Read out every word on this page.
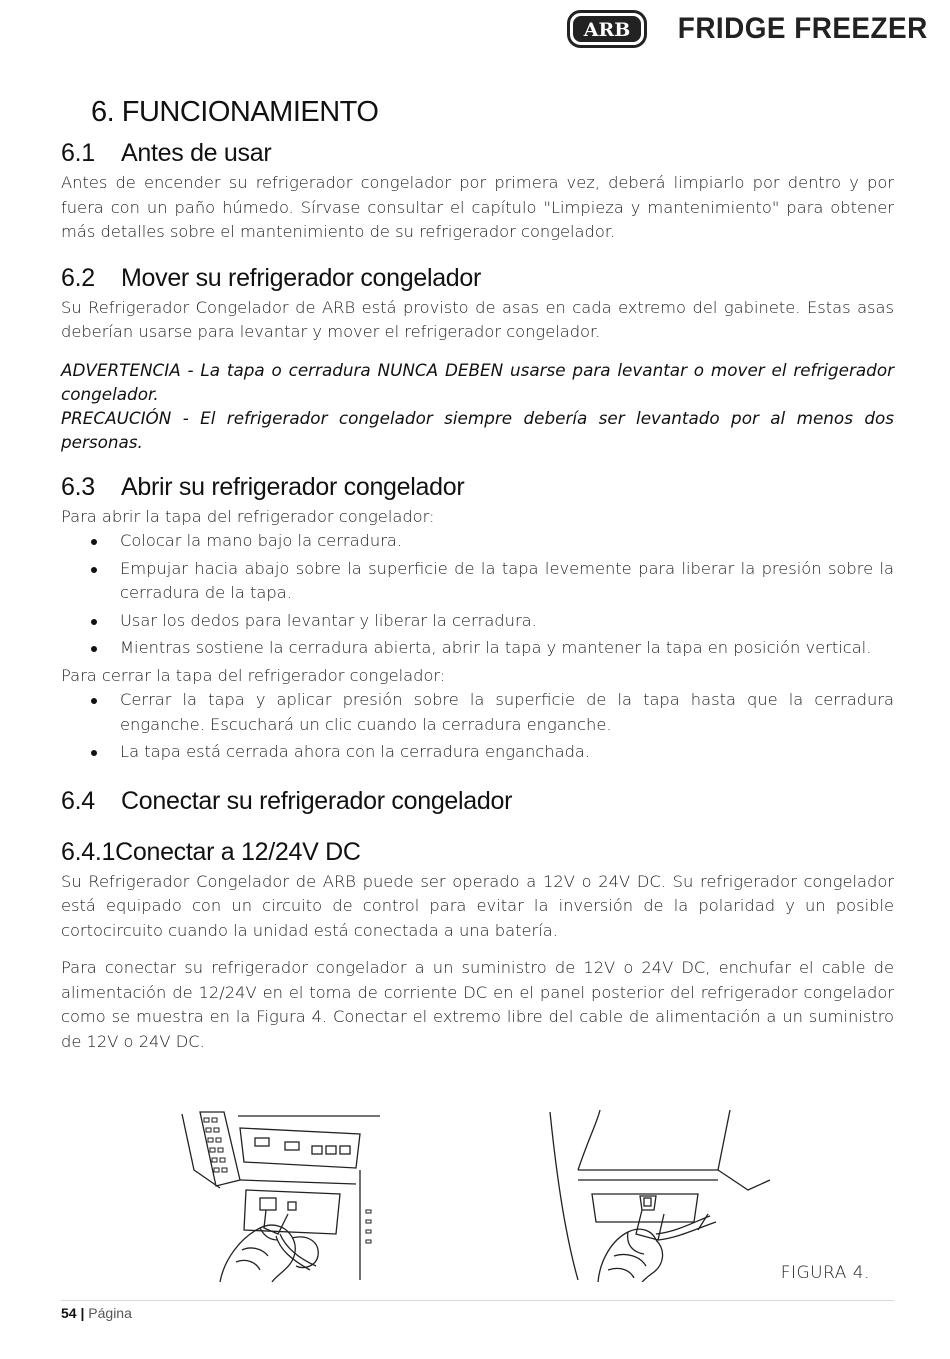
ARB FRIDGE FREEZER
6. FUNCIONAMIENTO
6.1	Antes de usar

Antes de encender su refrigerador congelador por primera vez, deberá limpiarlo por dentro y por fuera con un paño húmedo. Sírvase consultar el capítulo "Limpieza y mantenimiento" para obtener más detalles sobre el mantenimiento de su refrigerador congelador.

6.2	Mover su refrigerador congelador

Su Refrigerador Congelador de ARB está provisto de asas en cada extremo del gabinete. Estas asas deberían usarse para levantar y mover el refrigerador congelador.

ADVERTENCIA - La tapa o cerradura NUNCA DEBEN usarse para levantar o mover el refrigerador congelador.

PRECAUCIÓN - El refrigerador congelador siempre debería ser levantado por al menos dos personas.

6.3	Abrir su refrigerador congelador

Para abrir la tapa del refrigerador congelador:

Colocar la mano bajo la cerradura.
Empujar hacia abajo sobre la superficie de la tapa levemente para liberar la presión sobre la cerradura de la tapa.
Usar los dedos para levantar y liberar la cerradura.
Mientras sostiene la cerradura abierta, abrir la tapa y mantener la tapa en posición vertical.

Para cerrar la tapa del refrigerador congelador:

Cerrar la tapa y aplicar presión sobre la superficie de la tapa hasta que la cerradura enganche. Escuchará un clic cuando la cerradura enganche.
La tapa está cerrada ahora con la cerradura enganchada.
6.4	Conectar su refrigerador congelador
6.4.1Conectar a 12/24V DC

Su Refrigerador Congelador de ARB puede ser operado a 12V o 24V DC. Su refrigerador congelador está equipado con un circuito de control para evitar la inversión de la polaridad y un posible cortocircuito cuando la unidad está conectada a una batería.

Para conectar su refrigerador congelador a un suministro de 12V o 24V DC, enchufar el cable de alimentación de 12/24V en el toma de corriente DC en el panel posterior del refrigerador congelador como se muestra en la Figura 4. Conectar el extremo libre del cable de alimentación a un suministro de 12V o 24V DC.

FIGURA 4.
54 | Página
